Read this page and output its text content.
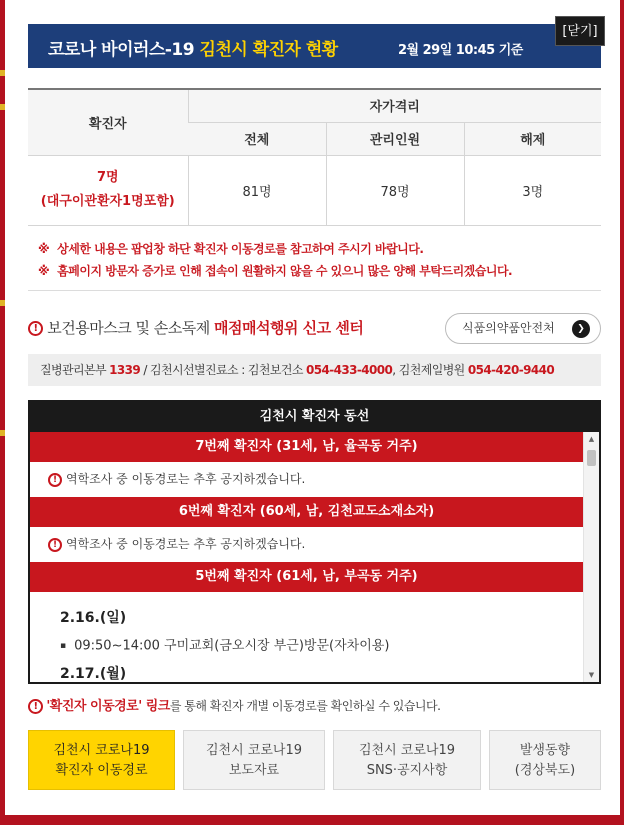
코로나 바이러스-19 김천시 확진자 현황	2월 29일 10:45 기준
[닫기]
확진자	자가격리		
	전체	관리인원	해제

7명
(대구이관환자1명포함)	81명	78명	3명
※ 상세한 내용은 팝업창 하단 확진자 이동경로를 참고하여 주시기 바랍니다.
※ 홈페이지 방문자 증가로 인해 접속이 원활하지 않을 수 있으니 많은 양해 부탁드리겠습니다.
! 보건용마스크 및 손소독제 매점매석행위 신고 센터	식품의약품안전처	❯
질병관리본부 1339 / 김천시선별진료소 : 김천보건소 054-433-4000, 김천제일병원 054-420-9440
김천시 확진자 동선
7번째 확진자 (31세, 남, 율곡동 거주)
! 역학조사 중 이동경로는 추후 공지하겠습니다.
6번째 확진자 (60세, 남, 김천교도소재소자)
! 역학조사 중 이동경로는 추후 공지하겠습니다.
5번째 확진자 (61세, 남, 부곡동 거주)
2.16.(일)
▪ 09:50~14:00 구미교회(금오시장 부근)방문(자차이용)
2.17.(월)
▲
▼
! '확진자 이동경로' 링크를 통해 확진자 개별 이동경로를 확인하실 수 있습니다.
김천시 코로나19
확진자 이동경로
김천시 코로나19
보도자료
김천시 코로나19
SNS·공지사항
발생동향
(경상북도)
